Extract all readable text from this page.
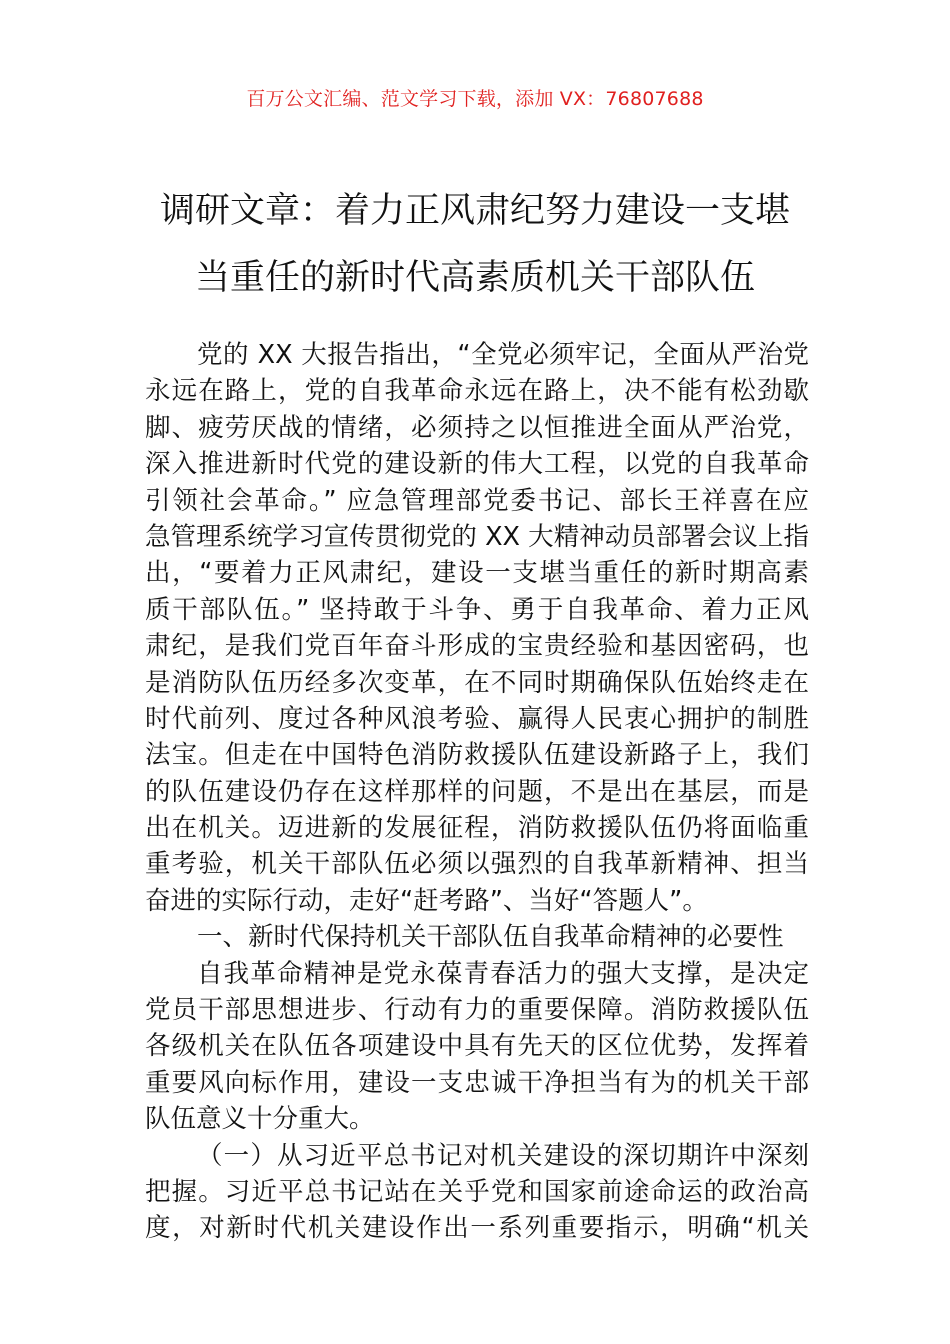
百万公文汇编、范文学习下载，添加 VX：76807688
调研文章：着力正风肃纪努力建设一支堪
当重任的新时代高素质机关干部队伍
党的 XX 大报告指出，“全党必须牢记，全面从严治党
永远在路上，党的自我革命永远在路上，决不能有松劲歇
脚、疲劳厌战的情绪，必须持之以恒推进全面从严治党，
深入推进新时代党的建设新的伟大工程，以党的自我革命
引领社会革命。” 应急管理部党委书记、部长王祥喜在应
急管理系统学习宣传贯彻党的 XX 大精神动员部署会议上指
出，“要着力正风肃纪，建设一支堪当重任的新时期高素
质干部队伍。” 坚持敢于斗争、勇于自我革命、着力正风
肃纪，是我们党百年奋斗形成的宝贵经验和基因密码，也
是消防队伍历经多次变革，在不同时期确保队伍始终走在
时代前列、度过各种风浪考验、赢得人民衷心拥护的制胜
法宝。但走在中国特色消防救援队伍建设新路子上，我们
的队伍建设仍存在这样那样的问题，不是出在基层，而是
出在机关。迈进新的发展征程，消防救援队伍仍将面临重
重考验，机关干部队伍必须以强烈的自我革新精神、担当
奋进的实际行动，走好“赶考路”、当好“答题人”。
一、新时代保持机关干部队伍自我革命精神的必要性
自我革命精神是党永葆青春活力的强大支撑，是决定
党员干部思想进步、行动有力的重要保障。消防救援队伍
各级机关在队伍各项建设中具有先天的区位优势，发挥着
重要风向标作用，建设一支忠诚干净担当有为的机关干部
队伍意义十分重大。
（一）从习近平总书记对机关建设的深切期许中深刻
把握。习近平总书记站在关乎党和国家前途命运的政治高
度，对新时代机关建设作出一系列重要指示，明确“机关
